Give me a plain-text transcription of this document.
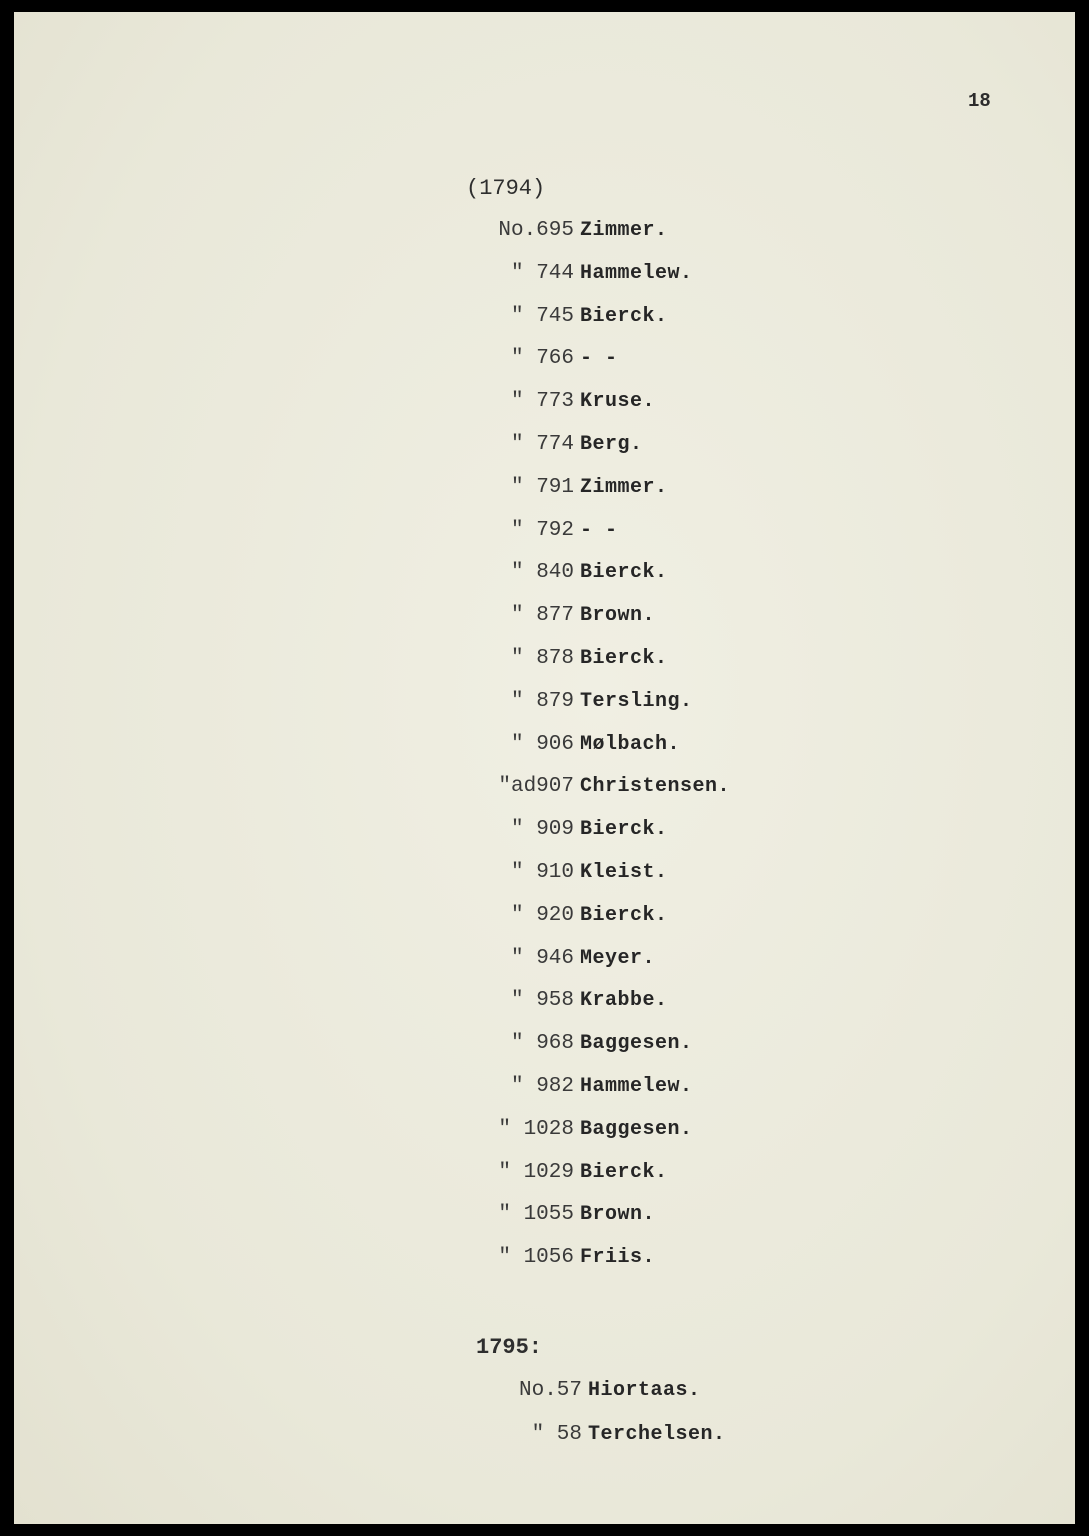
18
(1794)
No.695 Zimmer.
" 744 Hammelew.
" 745 Bierck.
" 766 - -
" 773 Kruse.
" 774 Berg.
" 791 Zimmer.
" 792 - -
" 840 Bierck.
" 877 Brown.
" 878 Bierck.
" 879 Tersling.
" 906 Mølbach.
"ad907 Christensen.
" 909 Bierck.
" 910 Kleist.
" 920 Bierck.
" 946 Meyer.
" 958 Krabbe.
" 968 Baggesen.
" 982 Hammelew.
" 1028 Baggesen.
" 1029 Bierck.
" 1055 Brown.
" 1056 Friis.
1795:
No.57 Hiortaas.
" 58 Terchelsen.
